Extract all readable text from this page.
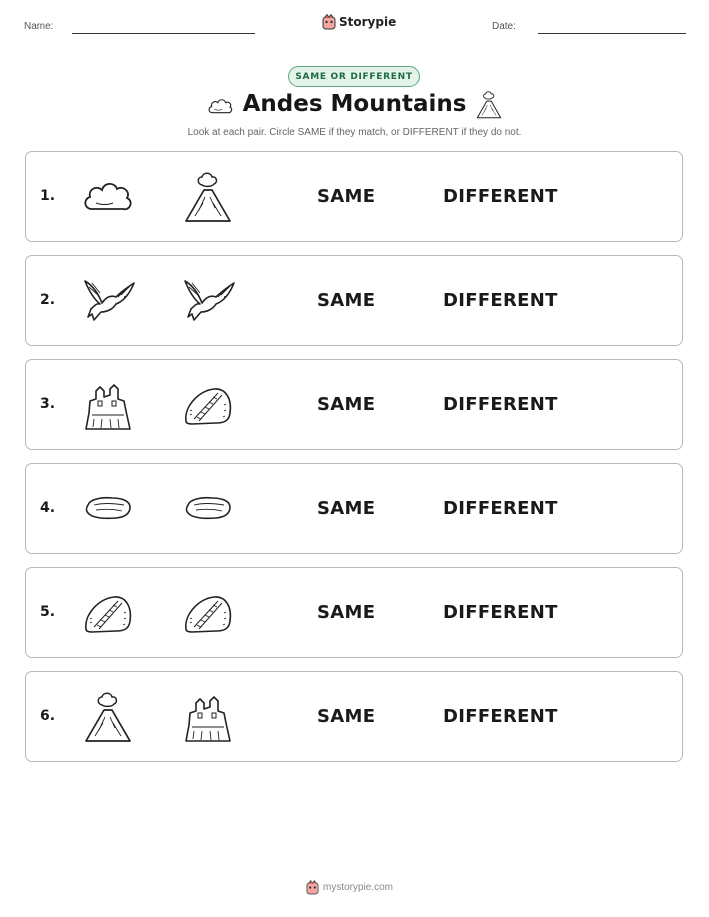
Name:	Storypie	Date:
SAME OR DIFFERENT
Andes Mountains
Look at each pair. Circle SAME if they match, or DIFFERENT if they do not.
1.	SAME	DIFFERENT
2.	SAME	DIFFERENT
3.	SAME	DIFFERENT
4.	SAME	DIFFERENT
5.	SAME	DIFFERENT
6.	SAME	DIFFERENT
mystorypie.com
